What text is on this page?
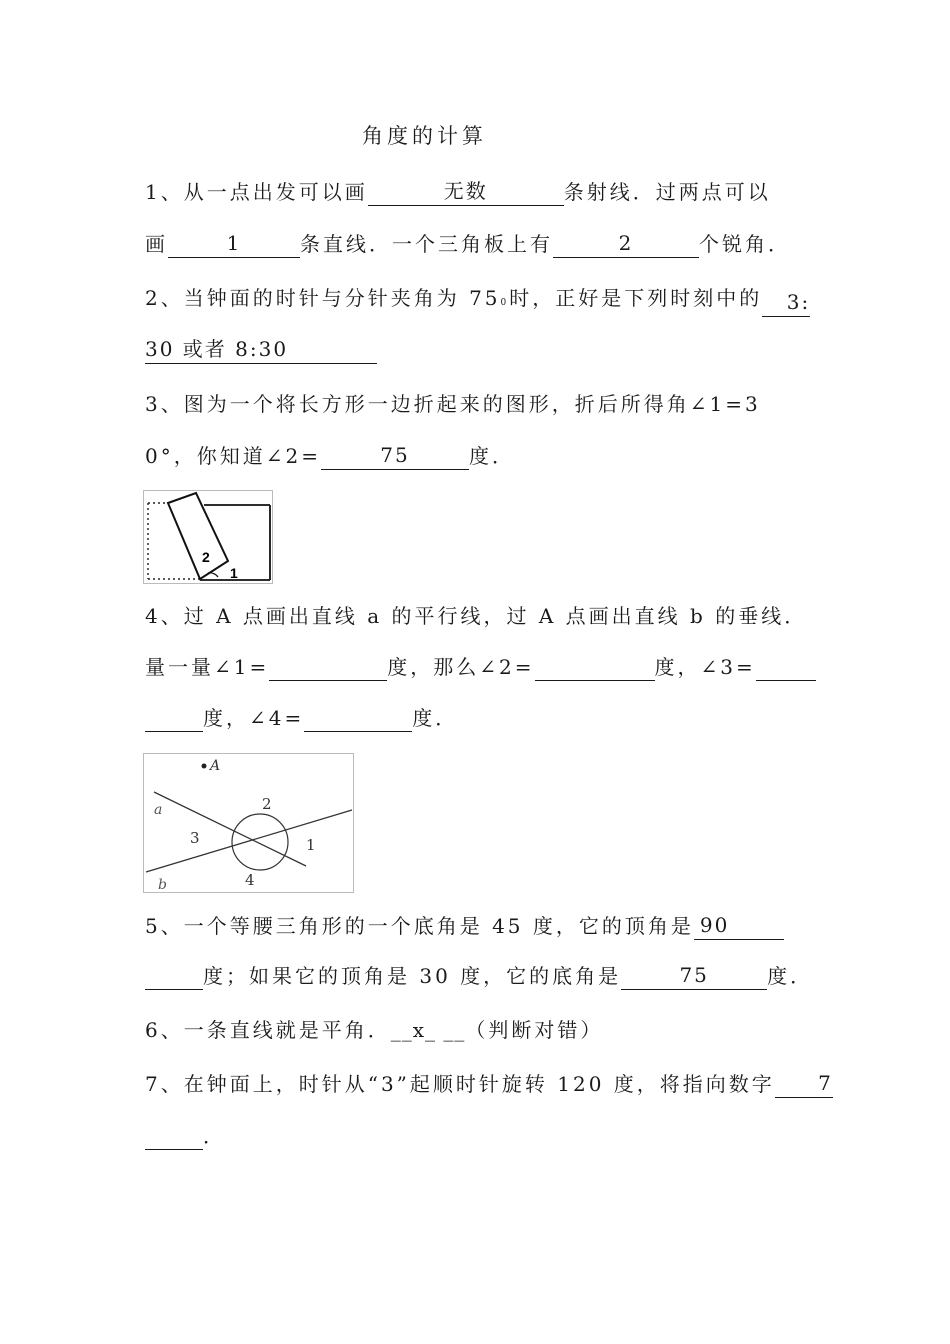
角度的计算
1、从一点出发可以画	无数	条射线．过两点可以
画	1	条直线．一个三角板上有	2	个锐角．
2、当钟面的时针与分针夹角为 750时，正好是下列时刻中的 3:
30 或者 8:30
3、图为一个将长方形一边折起来的图形，折后所得角∠1=3
0°，你知道∠2=	75	度．
2
1
4、过 A 点画出直线 a 的平行线，过 A 点画出直线 b 的垂线．
量一量∠1=	度，那么∠2=	度，∠3=
度，∠4=	度．
A
a
b
2
3	1
4
5、一个等腰三角形的一个底角是 45 度，它的顶角是 90
度；如果它的顶角是 30 度，它的底角是	75	度．
6、一条直线就是平角．__x_ __（判断对错）
7、在钟面上，时针从“3”起顺时针旋转 120 度，将指向数字 7
．
